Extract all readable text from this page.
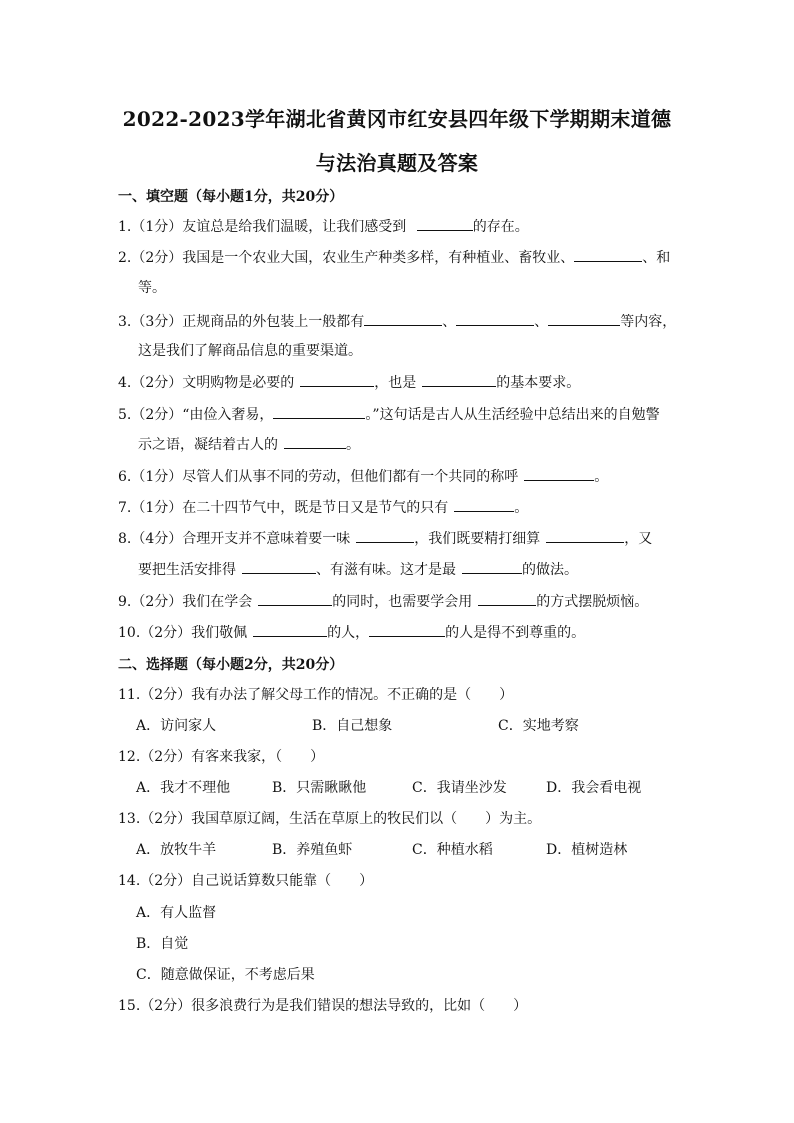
2022-2023学年湖北省黄冈市红安县四年级下学期期末道德
与法治真题及答案
一、填空题（每小题1分，共20分）
1.（1分）友谊总是给我们温暖，让我们感受到	的存在。
2.（2分）我国是一个农业大国，农业生产种类多样，有种植业、畜牧业、	、和
等。
3.（3分）正规商品的外包装上一般都有	、	、	等内容，
这是我们了解商品信息的重要渠道。
4.（2分）文明购物是必要的	，也是	的基本要求。
5.（2分）“由俭入奢易，	。”这句话是古人从生活经验中总结出来的自勉警
示之语，凝结着古人的	。
6.（1分）尽管人们从事不同的劳动，但他们都有一个共同的称呼	。
7.（1分）在二十四节气中，既是节日又是节气的只有	。
8.（4分）合理开支并不意味着要一味	，我们既要精打细算	，又
要把生活安排得	、有滋有味。这才是最	的做法。
9.（2分）我们在学会	的同时，也需要学会用	的方式摆脱烦恼。
10.（2分）我们敬佩	的人，	的人是得不到尊重的。
二、选择题（每小题2分，共20分）
11.（2分）我有办法了解父母工作的情况。不正确的是（　　）
A．访问家人	B．自己想象	C．实地考察
12.（2分）有客来我家，（　　）
A．我才不理他	B．只需瞅瞅他	C．我请坐沙发	D．我会看电视
13.（2分）我国草原辽阔，生活在草原上的牧民们以（　　）为主。
A．放牧牛羊	B．养殖鱼虾	C．种植水稻	D．植树造林
14.（2分）自己说话算数只能靠（　　）
A．有人监督
B．自觉
C．随意做保证，不考虑后果
15.（2分）很多浪费行为是我们错误的想法导致的，比如（　　）
